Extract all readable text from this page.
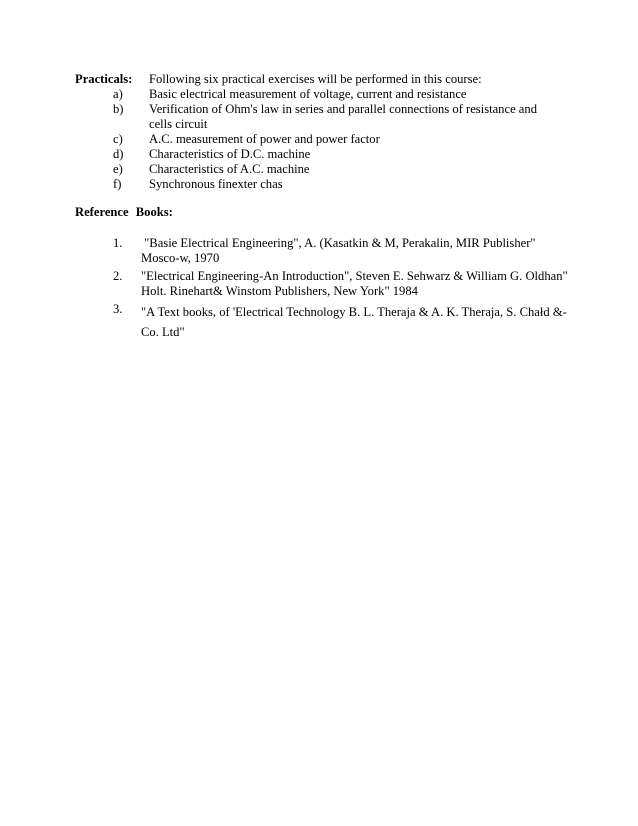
Practicals:	Following six practical exercises will be performed in this course:
a)	Basic electrical measurement of voltage, current and resistance
b)	Verification of Ohm's law in series and parallel connections of resistance and cells circuit
c)	A.C. measurement of power and power factor
d)	Characteristics of D.C. machine
e)	Characteristics of A.C. machine
f)	Synchronous finexter chas
Reference Books:
1.	"Basie Electrical Engineering", A. (Kasatkin & M, Perakalin, MIR Publisher" Mosco-w, 1970
2.	"Electrical Engineering-An Introduction", Steven E. Sehwarz & William G. Oldhan" Holt. Rinehart& Winstom Publishers, New York" 1984
3.	"A Text books, of 'Electrical Technology B. L. Theraja & A. K. Theraja, S. Chałd &- Co. Ltd"
